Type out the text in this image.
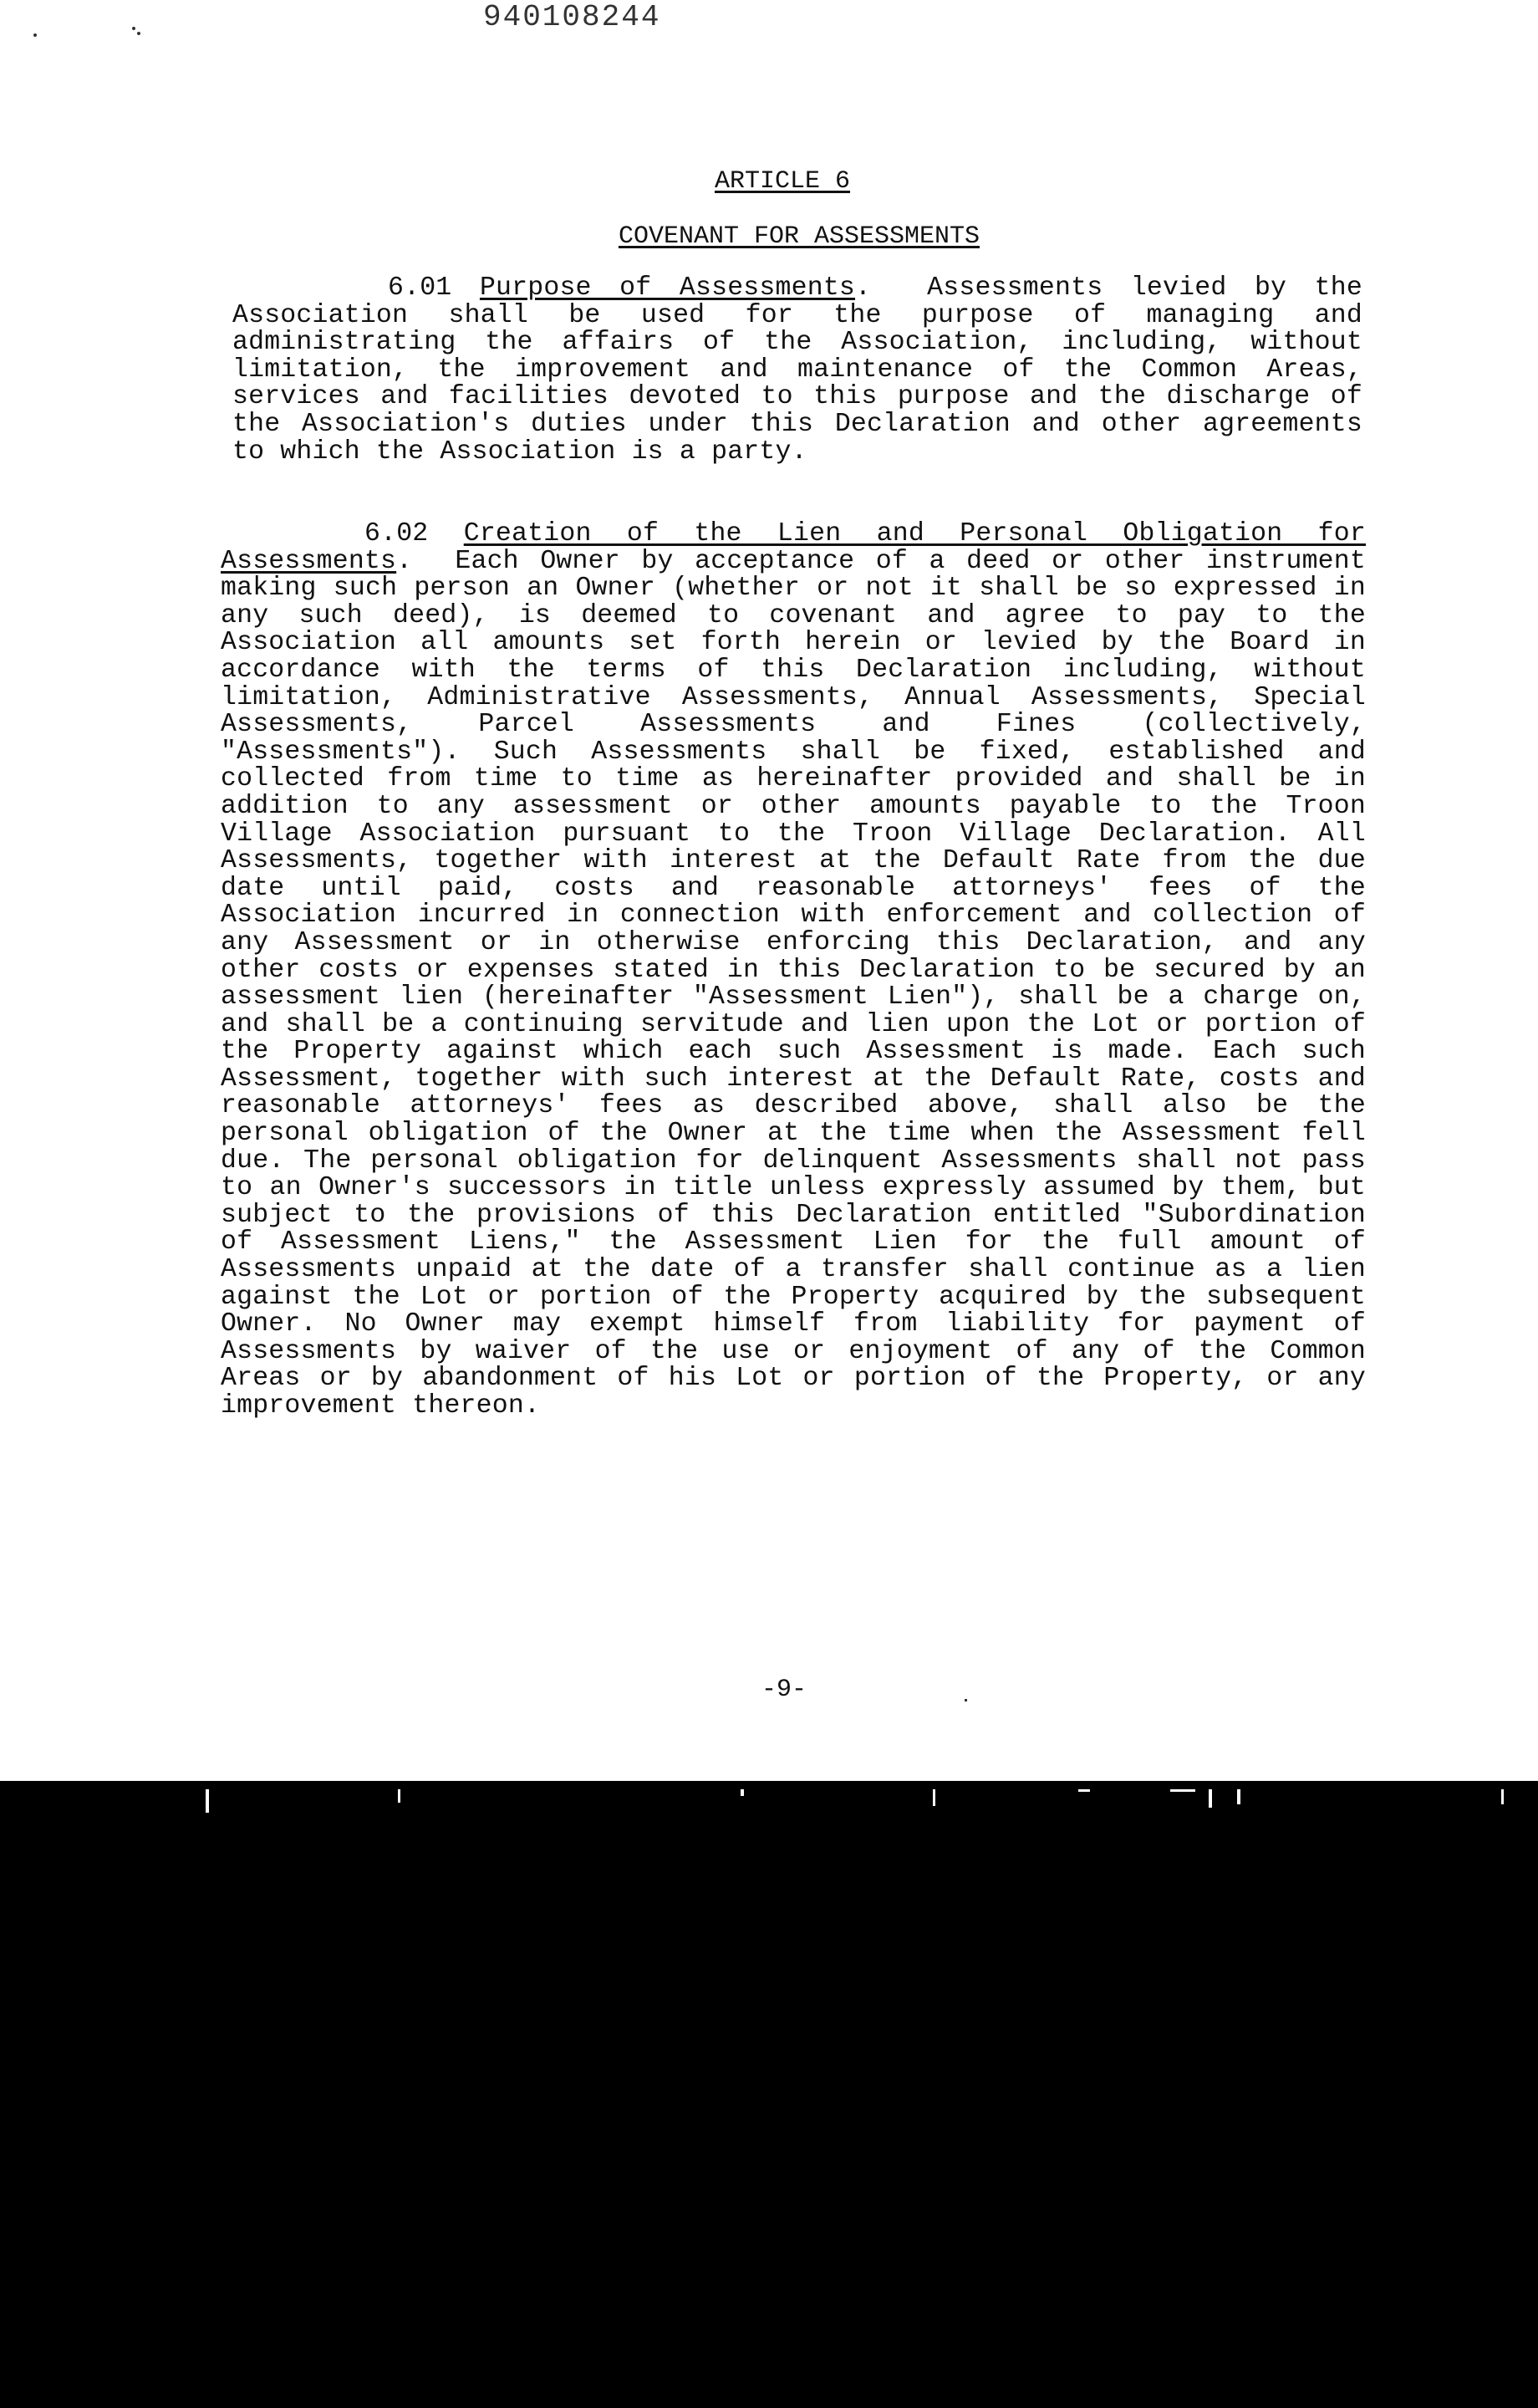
940108244
ARTICLE 6
COVENANT FOR ASSESSMENTS

6.01 Purpose of Assessments.  Assessments levied by the Association shall be used for the purpose of managing and administrating the affairs of the Association, including, without limitation, the improvement and maintenance of the Common Areas, services and facilities devoted to this purpose and the discharge of the Association's duties under this Declaration and other agreements to which the Association is a party.

6.02 Creation of the Lien and Personal Obligation for Assessments.  Each Owner by acceptance of a deed or other instrument making such person an Owner (whether or not it shall be so expressed in any such deed), is deemed to covenant and agree to pay to the Association all amounts set forth herein or levied by the Board in accordance with the terms of this Declaration including, without limitation, Administrative Assessments, Annual Assessments, Special Assessments, Parcel Assessments and Fines (collectively, "Assessments"). Such Assessments shall be fixed, established and collected from time to time as hereinafter provided and shall be in addition to any assessment or other amounts payable to the Troon Village Association pursuant to the Troon Village Declaration. All Assessments, together with interest at the Default Rate from the due date until paid, costs and reasonable attorneys' fees of the Association incurred in connection with enforcement and collection of any Assessment or in otherwise enforcing this Declaration, and any other costs or expenses stated in this Declaration to be secured by an assessment lien (hereinafter "Assessment Lien"), shall be a charge on, and shall be a continuing servitude and lien upon the Lot or portion of the Property against which each such Assessment is made. Each such Assessment, together with such interest at the Default Rate, costs and reasonable attorneys' fees as described above, shall also be the personal obligation of the Owner at the time when the Assessment fell due. The personal obligation for delinquent Assessments shall not pass to an Owner's successors in title unless expressly assumed by them, but subject to the provisions of this Declaration entitled "Subordination of Assessment Liens," the Assessment Lien for the full amount of Assessments unpaid at the date of a transfer shall continue as a lien against the Lot or portion of the Property acquired by the subsequent Owner. No Owner may exempt himself from liability for payment of Assessments by waiver of the use or enjoyment of any of the Common Areas or by abandonment of his Lot or portion of the Property, or any improvement thereon.

-9-
